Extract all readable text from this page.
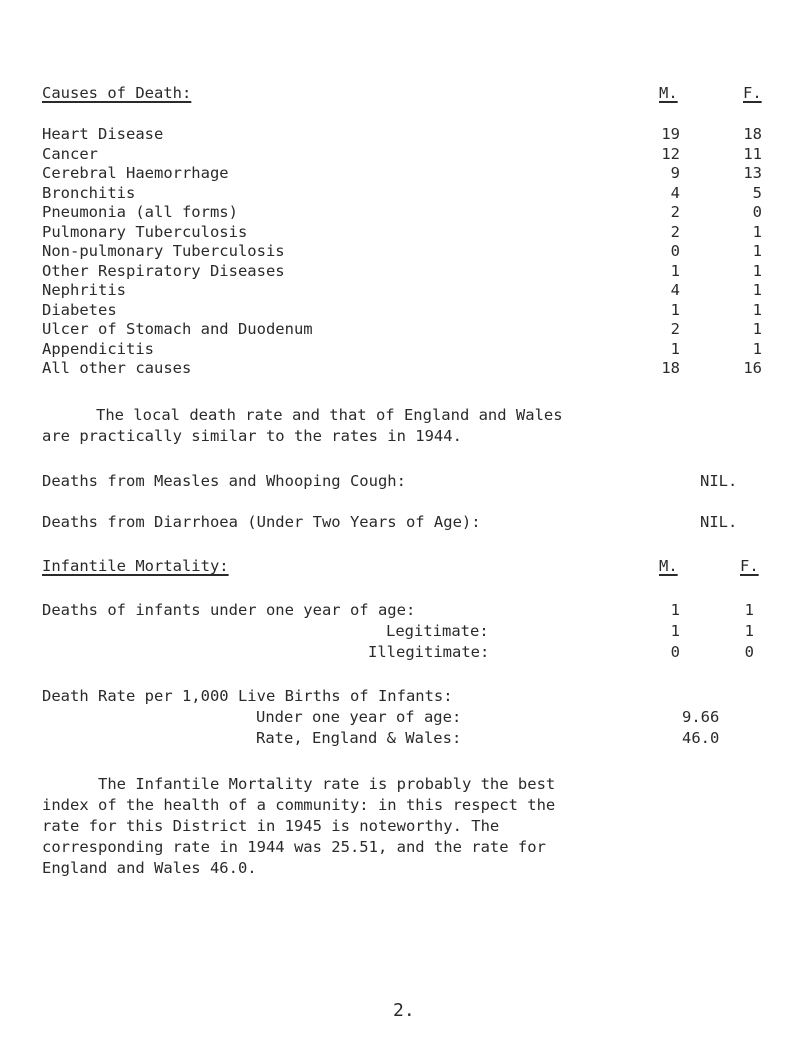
Causes of Death:	M.	F.
Heart Disease	19	18
Cancer	12	11
Cerebral Haemorrhage	9	13
Bronchitis	4	5
Pneumonia (all forms)	2	0
Pulmonary Tuberculosis	2	1
Non-pulmonary Tuberculosis	0	1
Other Respiratory Diseases	1	1
Nephritis	4	1
Diabetes	1	1
Ulcer of Stomach and Duodenum	2	1
Appendicitis	1	1
All other causes	18	16
The local death rate and that of England and Wales
are practically similar to the rates in 1944.
Deaths from Measles and Whooping Cough:	NIL.
Deaths from Diarrhoea (Under Two Years of Age):	NIL.
Infantile Mortality:	M.	F.
Deaths of infants under one year of age:	1	1
Legitimate:	1	1
Illegitimate:	0	0
Death Rate per 1,000 Live Births of Infants:
Under one year of age:	9.66
Rate, England & Wales:	46.0
The Infantile Mortality rate is probably the best
index of the health of a community: in this respect the
rate for this District in 1945 is noteworthy. The
corresponding rate in 1944 was 25.51, and the rate for
England and Wales 46.0.
2.
